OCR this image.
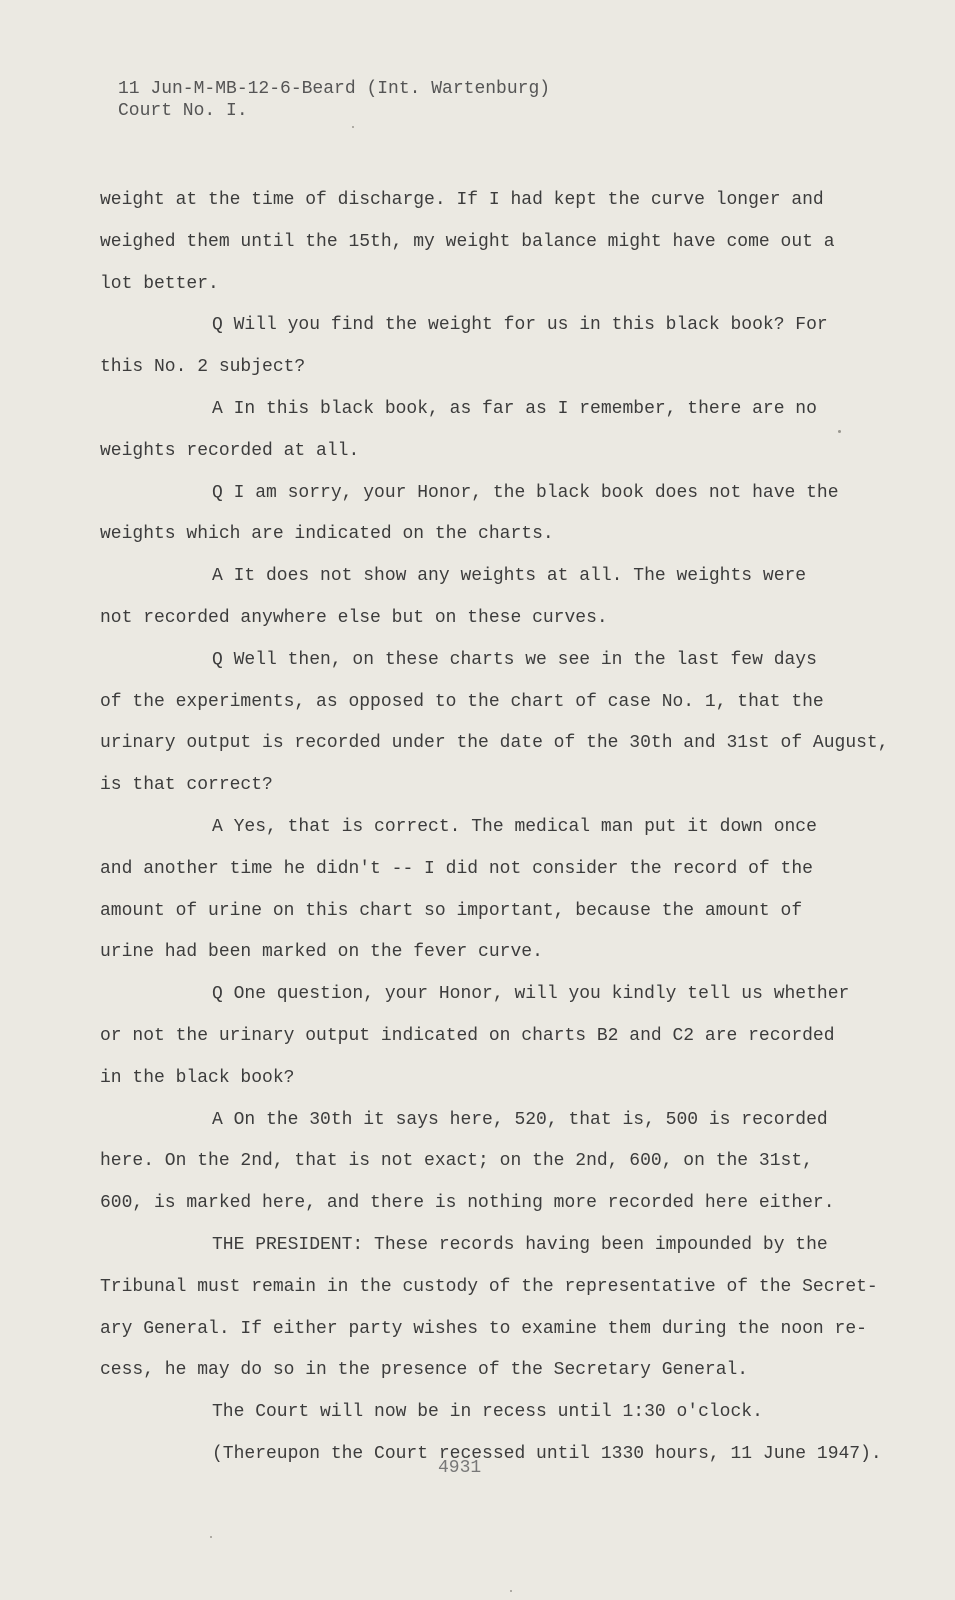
11 Jun-M-MB-12-6-Beard (Int. Wartenburg)
Court No. I.
weight at the time of discharge. If I had kept the curve longer and
weighed them until the 15th, my weight balance might have come out a
lot better.
Q Will you find the weight for us in this black book? For
this No. 2 subject?
A In this black book, as far as I remember, there are no
weights recorded at all.
Q I am sorry, your Honor, the black book does not have the
weights which are indicated on the charts.
A It does not show any weights at all. The weights were
not recorded anywhere else but on these curves.
Q Well then, on these charts we see in the last few days
of the experiments, as opposed to the chart of case No. 1, that the
urinary output is recorded under the date of the 30th and 31st of August,
is that correct?
A Yes, that is correct. The medical man put it down once
and another time he didn't -- I did not consider the record of the
amount of urine on this chart so important, because the amount of
urine had been marked on the fever curve.
Q One question, your Honor, will you kindly tell us whether
or not the urinary output indicated on charts B2 and C2 are recorded
in the black book?
A On the 30th it says here, 520, that is, 500 is recorded
here. On the 2nd, that is not exact; on the 2nd, 600, on the 31st,
600, is marked here, and there is nothing more recorded here either.
THE PRESIDENT: These records having been impounded by the
Tribunal must remain in the custody of the representative of the Secret-
ary General. If either party wishes to examine them during the noon re-
cess, he may do so in the presence of the Secretary General.
The Court will now be in recess until 1:30 o'clock.
(Thereupon the Court recessed until 1330 hours, 11 June 1947).
4931
